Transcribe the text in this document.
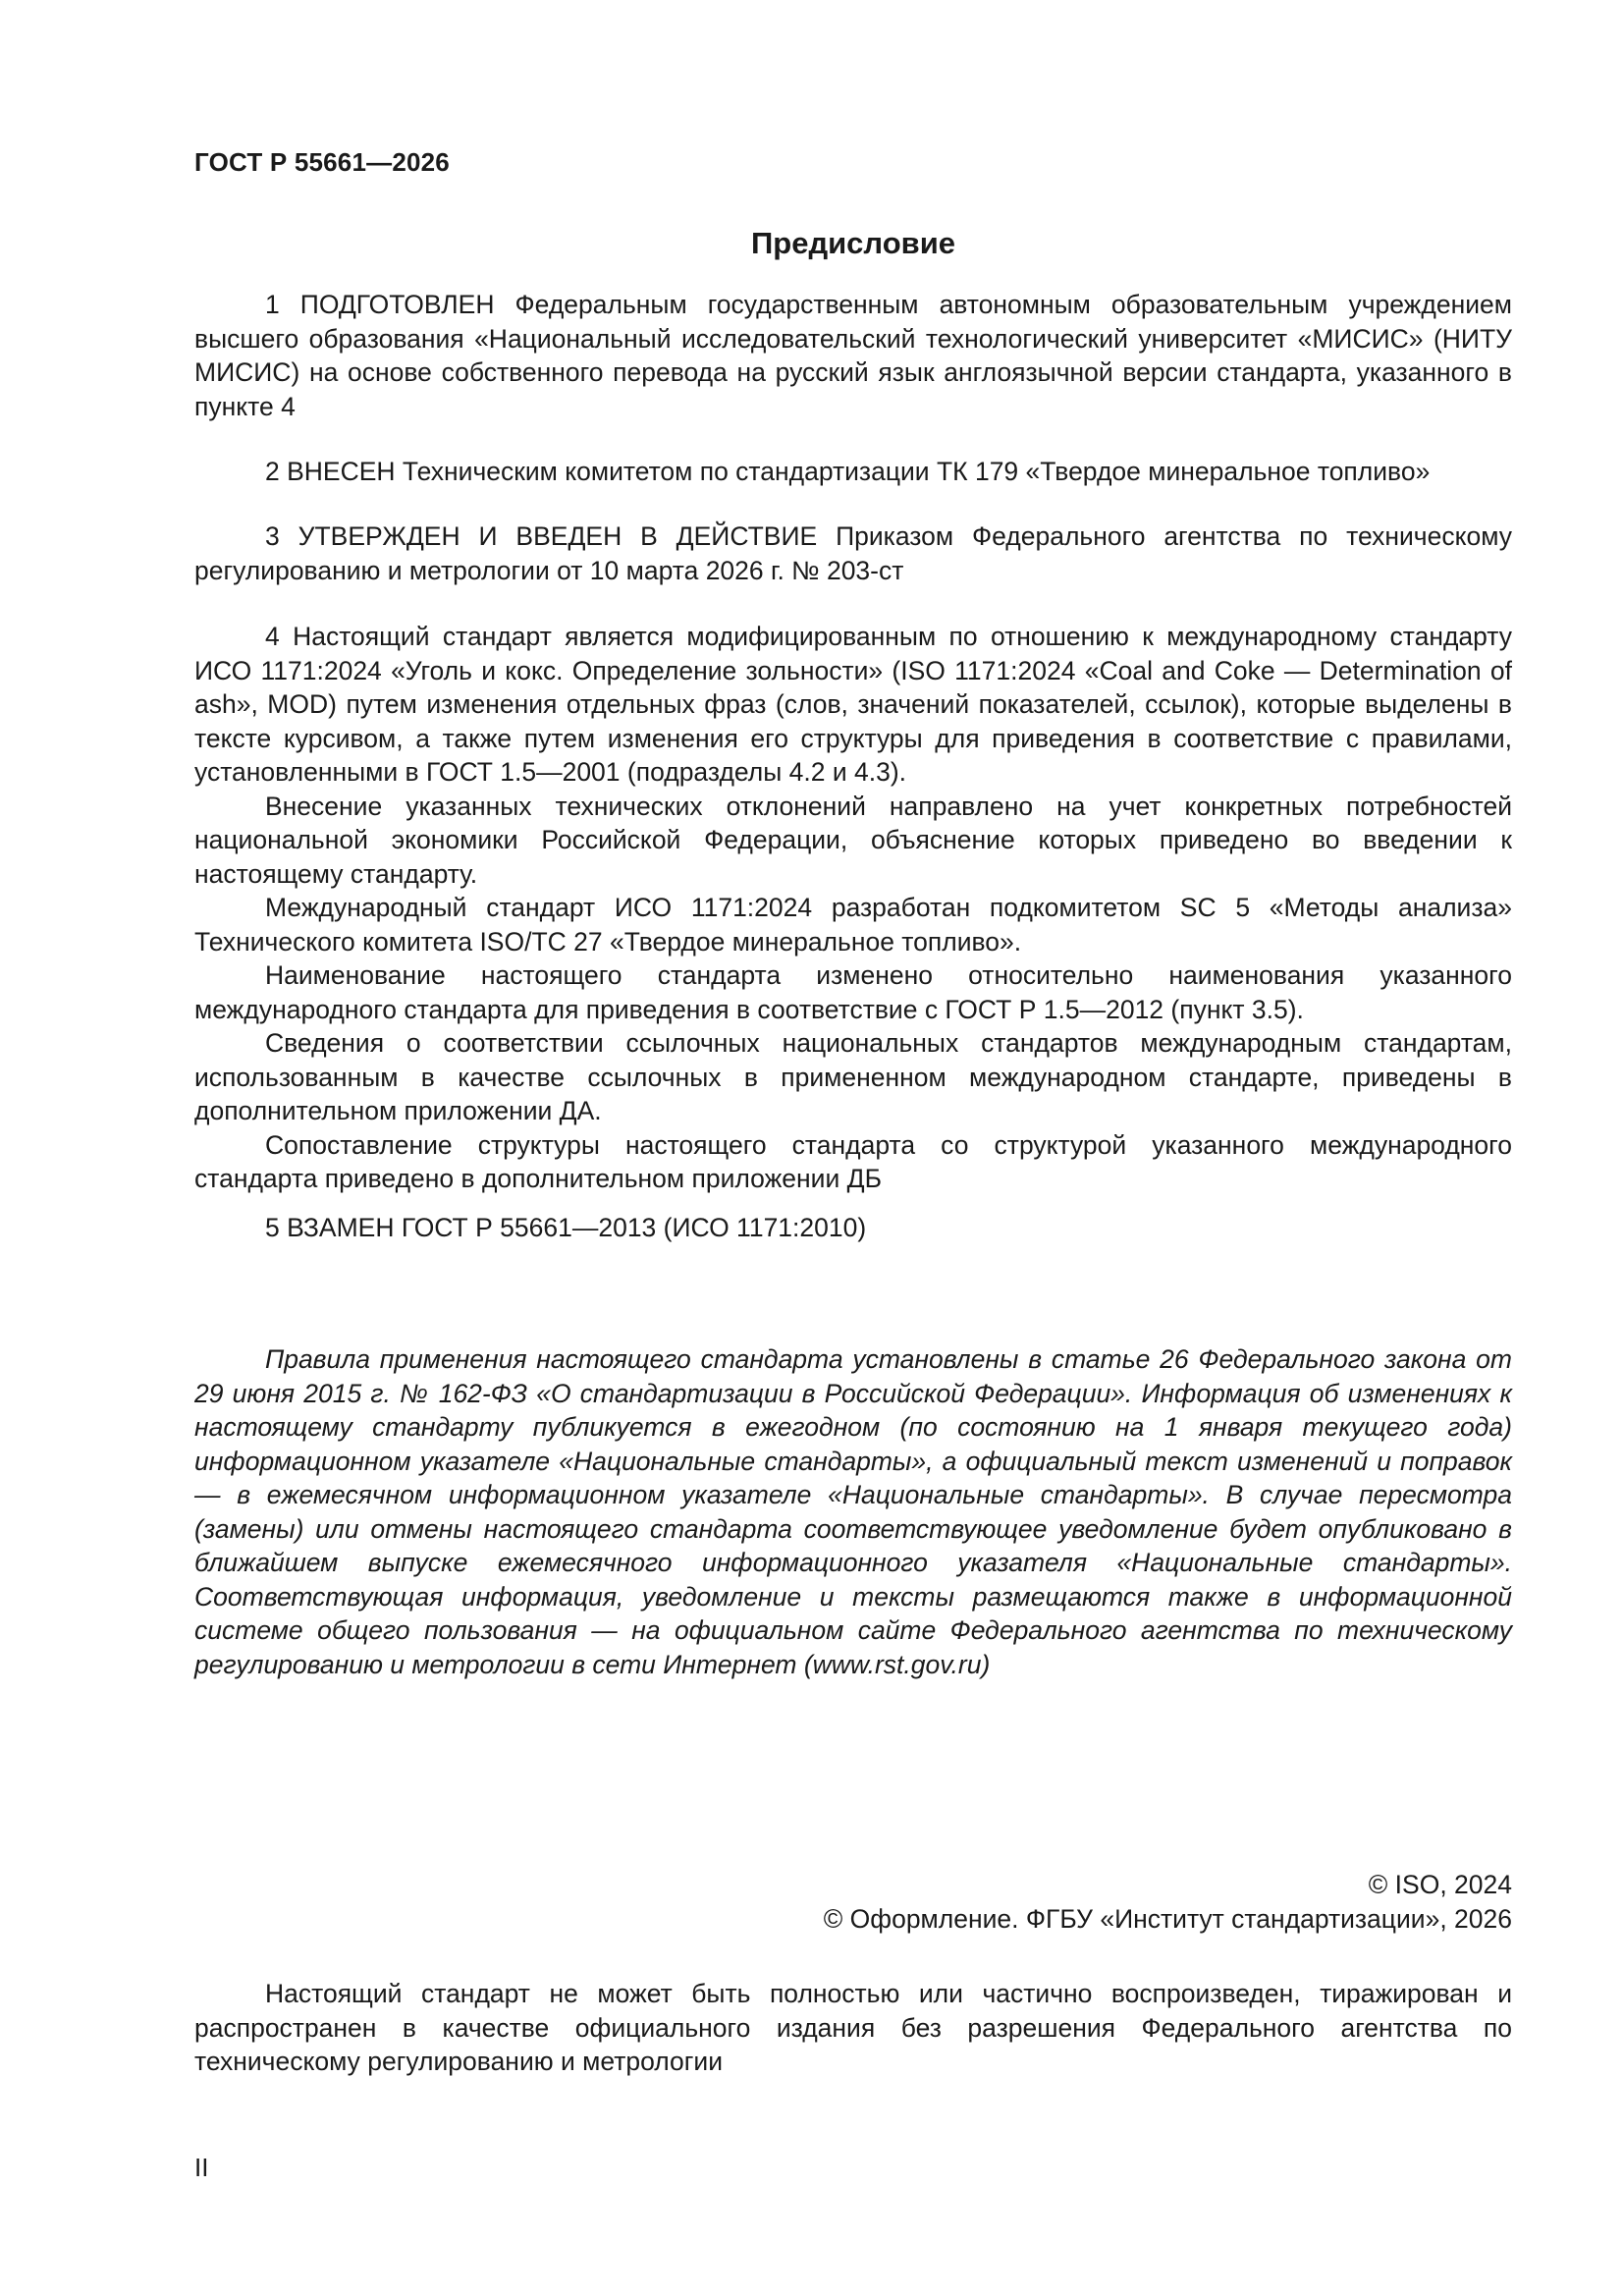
ГОСТ Р 55661—2026
Предисловие

1 ПОДГОТОВЛЕН Федеральным государственным автономным образовательным учреждением высшего образования «Национальный исследовательский технологический университет «МИСИС» (НИТУ МИСИС) на основе собственного перевода на русский язык англоязычной версии стандарта, указанного в пункте 4

2 ВНЕСЕН Техническим комитетом по стандартизации ТК 179 «Твердое минеральное топливо»

3 УТВЕРЖДЕН И ВВЕДЕН В ДЕЙСТВИЕ Приказом Федерального агентства по техническому регулированию и метрологии от 10 марта 2026 г. № 203-ст

4 Настоящий стандарт является модифицированным по отношению к международному стандарту ИСО 1171:2024 «Уголь и кокс. Определение зольности» (ISO 1171:2024 «Coal and Coke — Determination of ash», MOD) путем изменения отдельных фраз (слов, значений показателей, ссылок), которые выделены в тексте курсивом, а также путем изменения его структуры для приведения в соответствие с правилами, установленными в ГОСТ 1.5—2001 (подразделы 4.2 и 4.3).

Внесение указанных технических отклонений направлено на учет конкретных потребностей национальной экономики Российской Федерации, объяснение которых приведено во введении к настоящему стандарту.

Международный стандарт ИСО 1171:2024 разработан подкомитетом SC 5 «Методы анализа» Технического комитета ISO/TC 27 «Твердое минеральное топливо».

Наименование настоящего стандарта изменено относительно наименования указанного международного стандарта для приведения в соответствие с ГОСТ Р 1.5—2012 (пункт 3.5).

Сведения о соответствии ссылочных национальных стандартов международным стандартам, использованным в качестве ссылочных в примененном международном стандарте, приведены в дополнительном приложении ДА.

Сопоставление структуры настоящего стандарта со структурой указанного международного стандарта приведено в дополнительном приложении ДБ

5 ВЗАМЕН ГОСТ Р 55661—2013 (ИСО 1171:2010)

Правила применения настоящего стандарта установлены в статье 26 Федерального закона от 29 июня 2015 г. № 162-ФЗ «О стандартизации в Российской Федерации». Информация об изменениях к настоящему стандарту публикуется в ежегодном (по состоянию на 1 января текущего года) информационном указателе «Национальные стандарты», а официальный текст изменений и поправок — в ежемесячном информационном указателе «Национальные стандарты». В случае пересмотра (замены) или отмены настоящего стандарта соответствующее уведомление будет опубликовано в ближайшем выпуске ежемесячного информационного указателя «Национальные стандарты». Соответствующая информация, уведомление и тексты размещаются также в информационной системе общего пользования — на официальном сайте Федерального агентства по техническому регулированию и метрологии в сети Интернет (www.rst.gov.ru)

© ISO, 2024
© Оформление. ФГБУ «Институт стандартизации», 2026

Настоящий стандарт не может быть полностью или частично воспроизведен, тиражирован и распространен в качестве официального издания без разрешения Федерального агентства по техническому регулированию и метрологии

II
